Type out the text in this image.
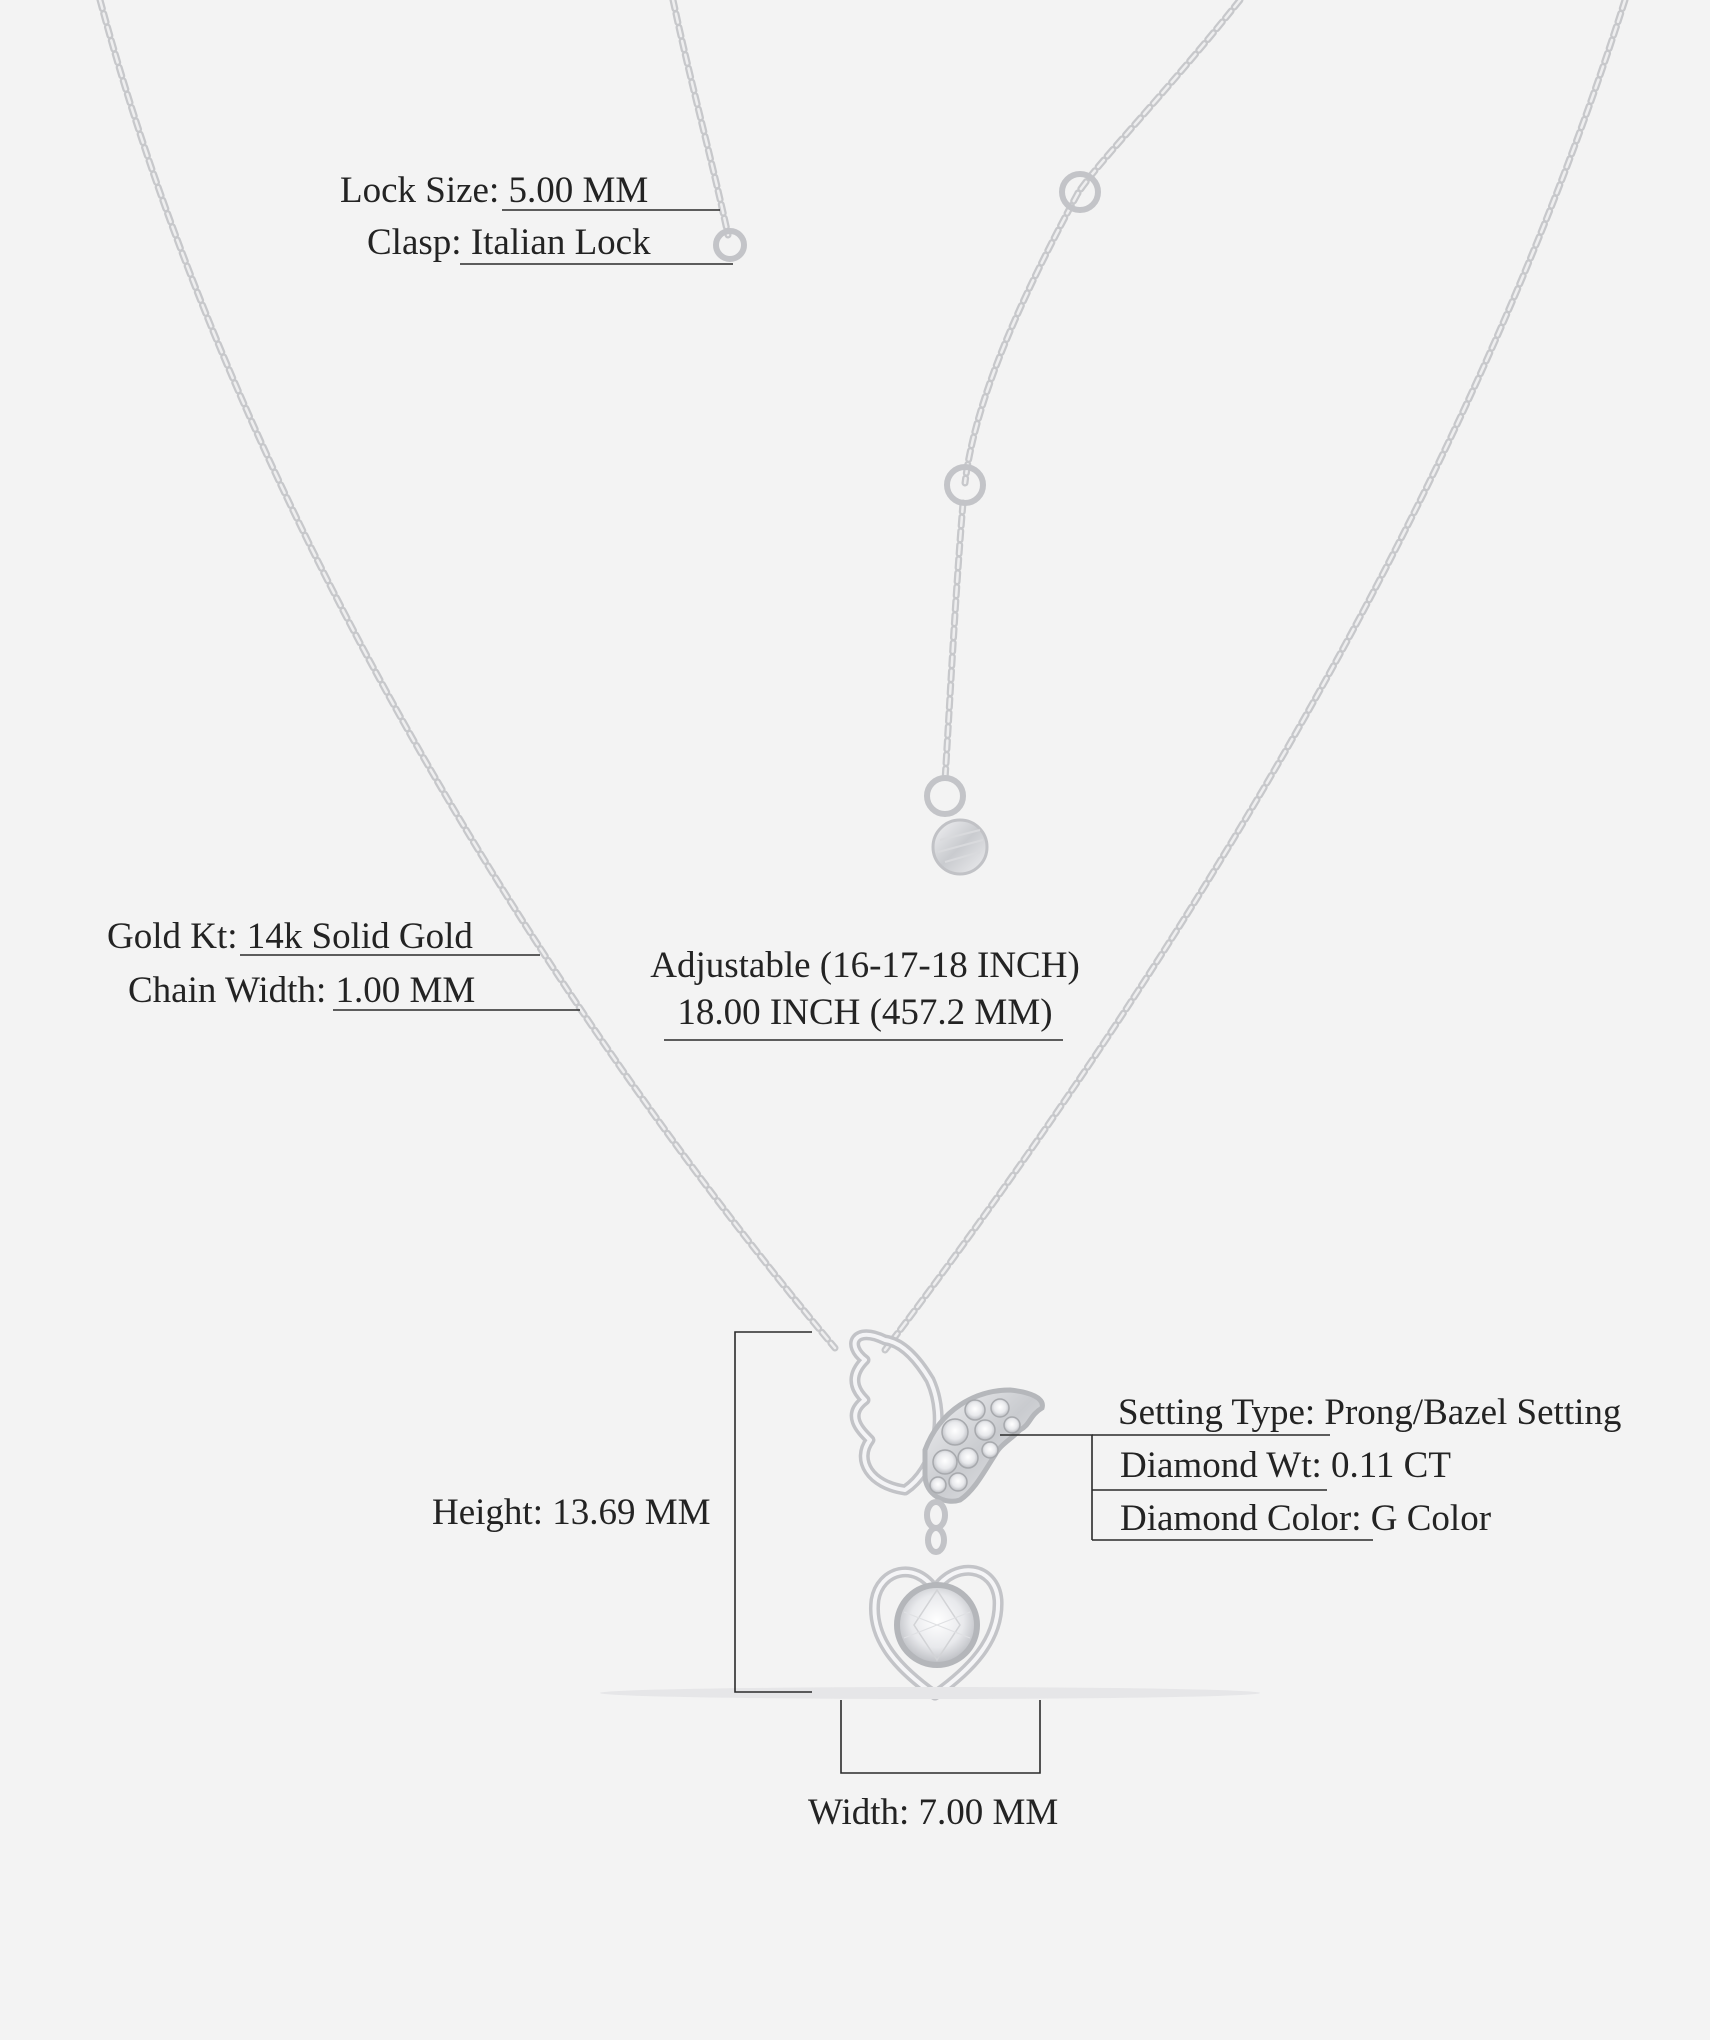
Lock Size: 5.00 MM
Clasp: Italian Lock
Gold Kt: 14k Solid Gold
Chain Width: 1.00 MM
Adjustable (16-17-18 INCH)
18.00 INCH (457.2 MM)
Setting Type: Prong/Bazel Setting
Diamond Wt: 0.11 CT
Diamond Color: G Color
Height: 13.69 MM
Width: 7.00 MM
